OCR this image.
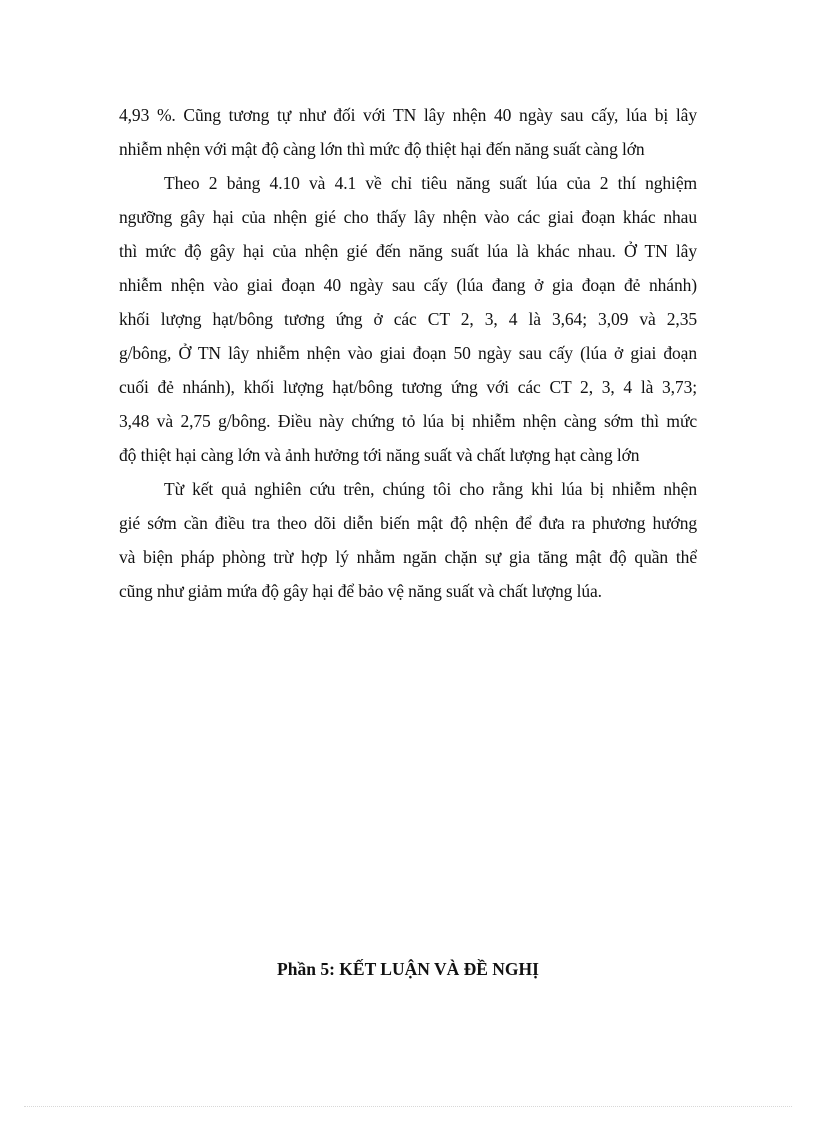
4,93 %. Cũng tương tự như đối với TN lây nhện 40 ngày sau cấy, lúa bị lây
nhiễm nhện với mật độ càng lớn thì mức độ thiệt hại đến năng suất càng lớn
Theo 2 bảng 4.10 và 4.1 về chỉ tiêu năng suất lúa của 2 thí nghiệm
ngưỡng gây hại của nhện gié cho thấy lây nhện vào các giai đoạn khác nhau
thì mức độ gây hại của nhện gié đến năng suất lúa là khác nhau. Ở TN lây
nhiễm nhện vào giai đoạn 40 ngày sau cấy (lúa đang ở gia đoạn đẻ nhánh)
khối lượng hạt/bông tương ứng ở các CT 2, 3, 4 là 3,64; 3,09 và 2,35
g/bông, Ở TN lây nhiễm nhện vào giai đoạn 50 ngày sau cấy (lúa ở giai đoạn
cuối đẻ nhánh), khối lượng hạt/bông tương ứng với các CT 2, 3, 4 là 3,73;
3,48 và 2,75 g/bông. Điều này chứng tỏ lúa bị nhiễm nhện càng sớm thì mức
độ thiệt hại càng lớn và ảnh hưởng tới năng suất và chất lượng hạt càng lớn
Từ kết quả nghiên cứu trên, chúng tôi cho rằng khi lúa bị nhiễm nhện
gié sớm cần điều tra theo dõi diễn biến mật độ nhện để đưa ra phương hướng
và biện pháp phòng trừ hợp lý nhằm ngăn chặn sự gia tăng mật độ quần thể
cũng như giảm mứa độ gây hại để bảo vệ năng suất và chất lượng lúa.
Phần 5: KẾT LUẬN VÀ ĐỀ NGHỊ
